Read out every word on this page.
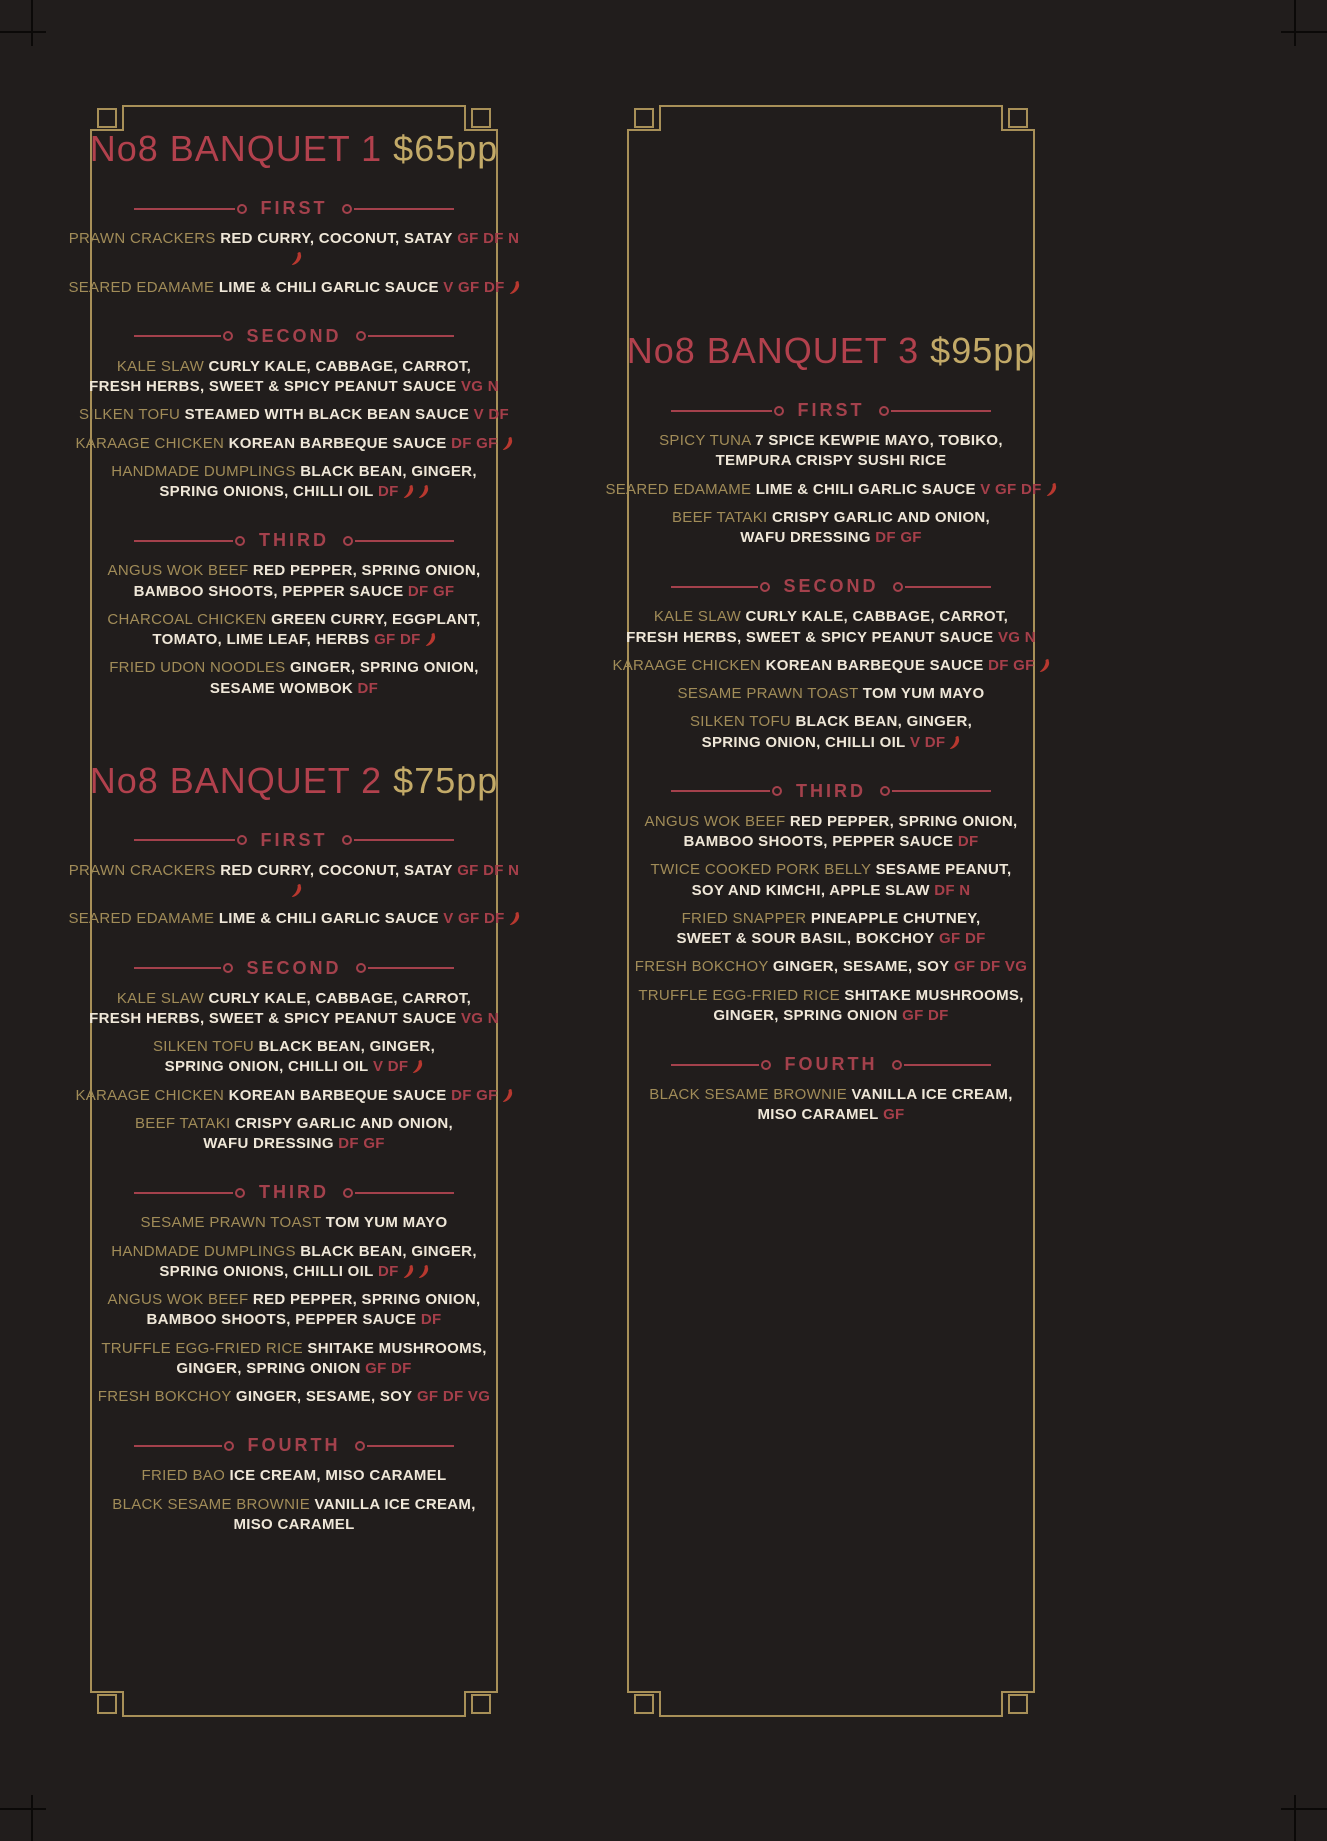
No8 BANQUET 1 $65pp
FIRST

PRAWN CRACKERS RED CURRY, COCONUT, SATAY GF DF N

SEARED EDAMAME LIME & CHILI GARLIC SAUCE V GF DF

SECOND

KALE SLAW CURLY KALE, CABBAGE, CARROT,
FRESH HERBS, SWEET & SPICY PEANUT SAUCE VG N

SILKEN TOFU STEAMED WITH BLACK BEAN SAUCE V DF

KARAAGE CHICKEN KOREAN BARBEQUE SAUCE DF GF

HANDMADE DUMPLINGS BLACK BEAN, GINGER,
SPRING ONIONS, CHILLI OIL DF

THIRD

ANGUS WOK BEEF RED PEPPER, SPRING ONION,
BAMBOO SHOOTS, PEPPER SAUCE DF GF

CHARCOAL CHICKEN GREEN CURRY, EGGPLANT,
TOMATO, LIME LEAF, HERBS GF DF

FRIED UDON NOODLES GINGER, SPRING ONION,
SESAME WOMBOK DF

No8 BANQUET 2 $75pp
FIRST

PRAWN CRACKERS RED CURRY, COCONUT, SATAY GF DF N

SEARED EDAMAME LIME & CHILI GARLIC SAUCE V GF DF

SECOND

KALE SLAW CURLY KALE, CABBAGE, CARROT,
FRESH HERBS, SWEET & SPICY PEANUT SAUCE VG N

SILKEN TOFU BLACK BEAN, GINGER,
SPRING ONION, CHILLI OIL V DF

KARAAGE CHICKEN KOREAN BARBEQUE SAUCE DF GF

BEEF TATAKI CRISPY GARLIC AND ONION,
WAFU DRESSING DF GF

THIRD

SESAME PRAWN TOAST TOM YUM MAYO

HANDMADE DUMPLINGS BLACK BEAN, GINGER,
SPRING ONIONS, CHILLI OIL DF

ANGUS WOK BEEF RED PEPPER, SPRING ONION,
BAMBOO SHOOTS, PEPPER SAUCE DF

TRUFFLE EGG-FRIED RICE SHITAKE MUSHROOMS,
GINGER, SPRING ONION GF DF

FRESH BOKCHOY GINGER, SESAME, SOY GF DF VG

FOURTH

FRIED BAO ICE CREAM, MISO CARAMEL

BLACK SESAME BROWNIE VANILLA ICE CREAM,
MISO CARAMEL

No8 BANQUET 3 $95pp
FIRST

SPICY TUNA 7 SPICE KEWPIE MAYO, TOBIKO,
TEMPURA CRISPY SUSHI RICE

SEARED EDAMAME LIME & CHILI GARLIC SAUCE V GF DF

BEEF TATAKI CRISPY GARLIC AND ONION,
WAFU DRESSING DF GF

SECOND

KALE SLAW CURLY KALE, CABBAGE, CARROT,
FRESH HERBS, SWEET & SPICY PEANUT SAUCE VG N

KARAAGE CHICKEN KOREAN BARBEQUE SAUCE DF GF

SESAME PRAWN TOAST TOM YUM MAYO

SILKEN TOFU BLACK BEAN, GINGER,
SPRING ONION, CHILLI OIL V DF

THIRD

ANGUS WOK BEEF RED PEPPER, SPRING ONION,
BAMBOO SHOOTS, PEPPER SAUCE DF

TWICE COOKED PORK BELLY SESAME PEANUT,
SOY AND KIMCHI, APPLE SLAW DF N

FRIED SNAPPER PINEAPPLE CHUTNEY,
SWEET & SOUR BASIL, BOKCHOY GF DF

FRESH BOKCHOY GINGER, SESAME, SOY GF DF VG

TRUFFLE EGG-FRIED RICE SHITAKE MUSHROOMS,
GINGER, SPRING ONION GF DF

FOURTH

BLACK SESAME BROWNIE VANILLA ICE CREAM,
MISO CARAMEL GF
